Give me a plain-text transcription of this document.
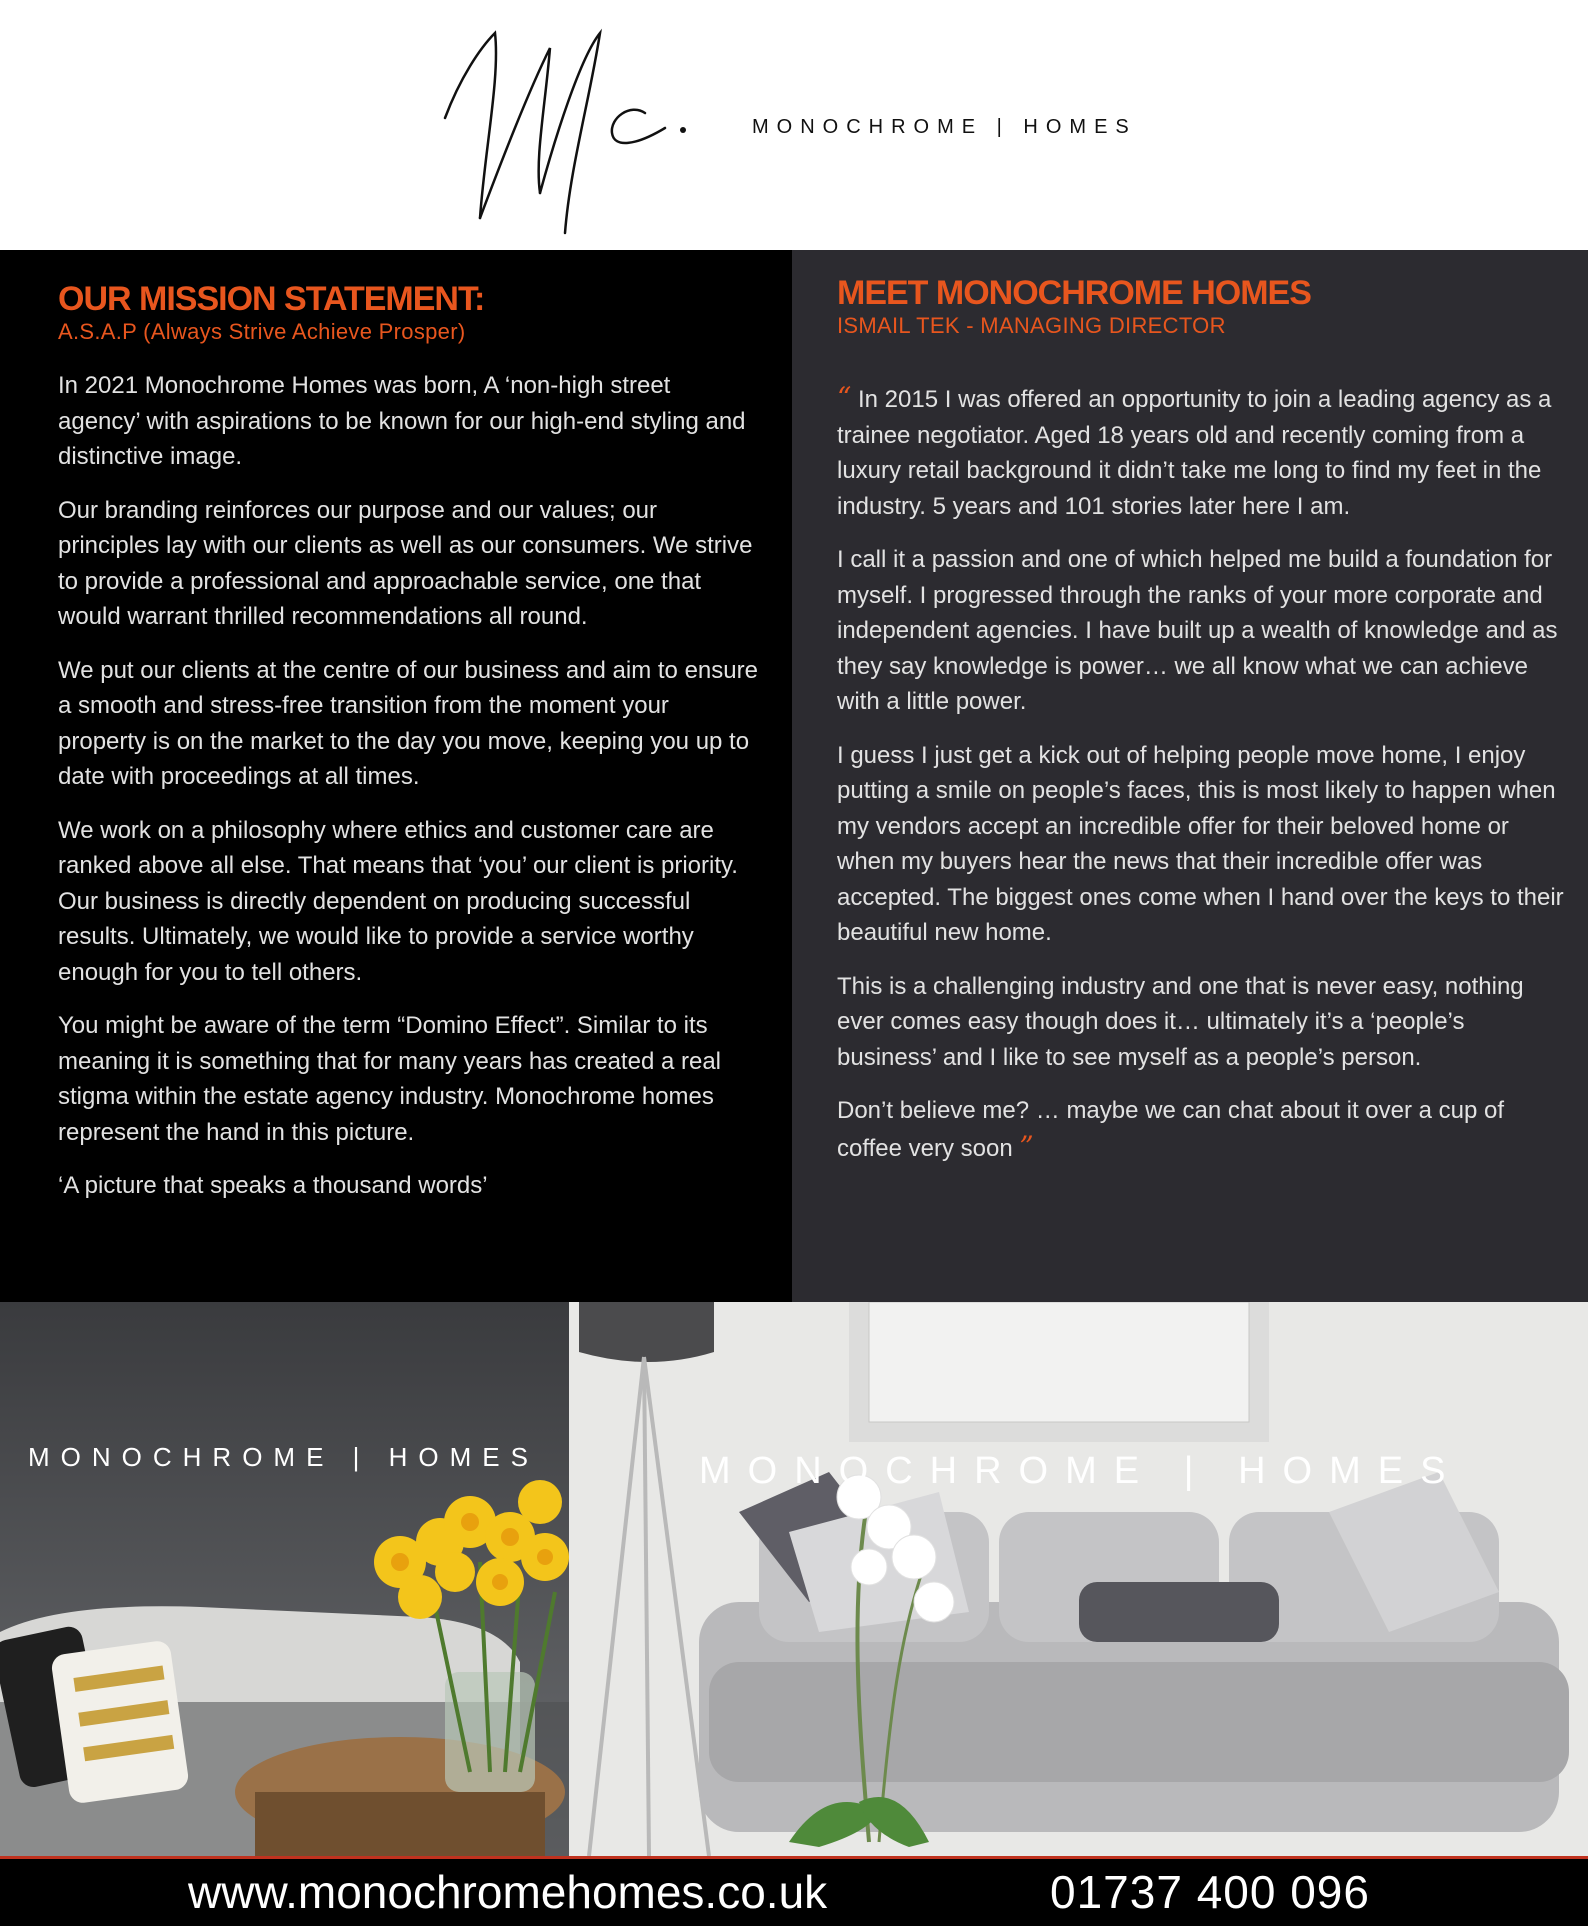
MONOCHROME | HOMES
OUR MISSION STATEMENT:
A.S.A.P (Always Strive Achieve Prosper)

In 2021 Monochrome Homes was born, A ‘non-high street agency’ with aspirations to be known for our high-end styling and distinctive image.

Our branding reinforces our purpose and our values; our principles lay with our clients as well as our consumers. We strive to provide a professional and approachable service, one that would warrant thrilled recommendations all round.

We put our clients at the centre of our business and aim to ensure a smooth and stress-free transition from the moment your property is on the market to the day you move, keeping you up to date with proceedings at all times.

We work on a philosophy where ethics and customer care are ranked above all else. That means that ‘you’ our client is priority. Our business is directly dependent on producing successful results. Ultimately, we would like to provide a service worthy enough for you to tell others.

You might be aware of the term “Domino Effect”. Similar to its meaning it is something that for many years has created a real stigma within the estate agency industry. Monochrome homes represent the hand in this picture.

‘A picture that speaks a thousand words’

MEET MONOCHROME HOMES
ISMAIL TEK - MANAGING DIRECTOR

“ In 2015 I was offered an opportunity to join a leading agency as a trainee negotiator. Aged 18 years old and recently coming from a luxury retail background it didn’t take me long to find my feet in the industry. 5 years and 101 stories later here I am.

I call it a passion and one of which helped me build a foundation for myself. I progressed through the ranks of your more corporate and independent agencies. I have built up a wealth of knowledge and as they say knowledge is power… we all know what we can achieve with a little power.

I guess I just get a kick out of helping people move home, I enjoy putting a smile on people’s faces, this is most likely to happen when my vendors accept an incredible offer for their beloved home or when my buyers hear the news that their incredible offer was accepted. The biggest ones come when I hand over the keys to their beautiful new home.

This is a challenging industry and one that is never easy, nothing ever comes easy though does it… ultimately it’s a ‘people’s business’ and I like to see myself as a people’s person.

Don’t believe me? … maybe we can chat about it over a cup of coffee very soon ”

MONOCHROME | HOMES	MONOCHROME | HOMES
www.monochromehomes.co.uk	01737 400 096
